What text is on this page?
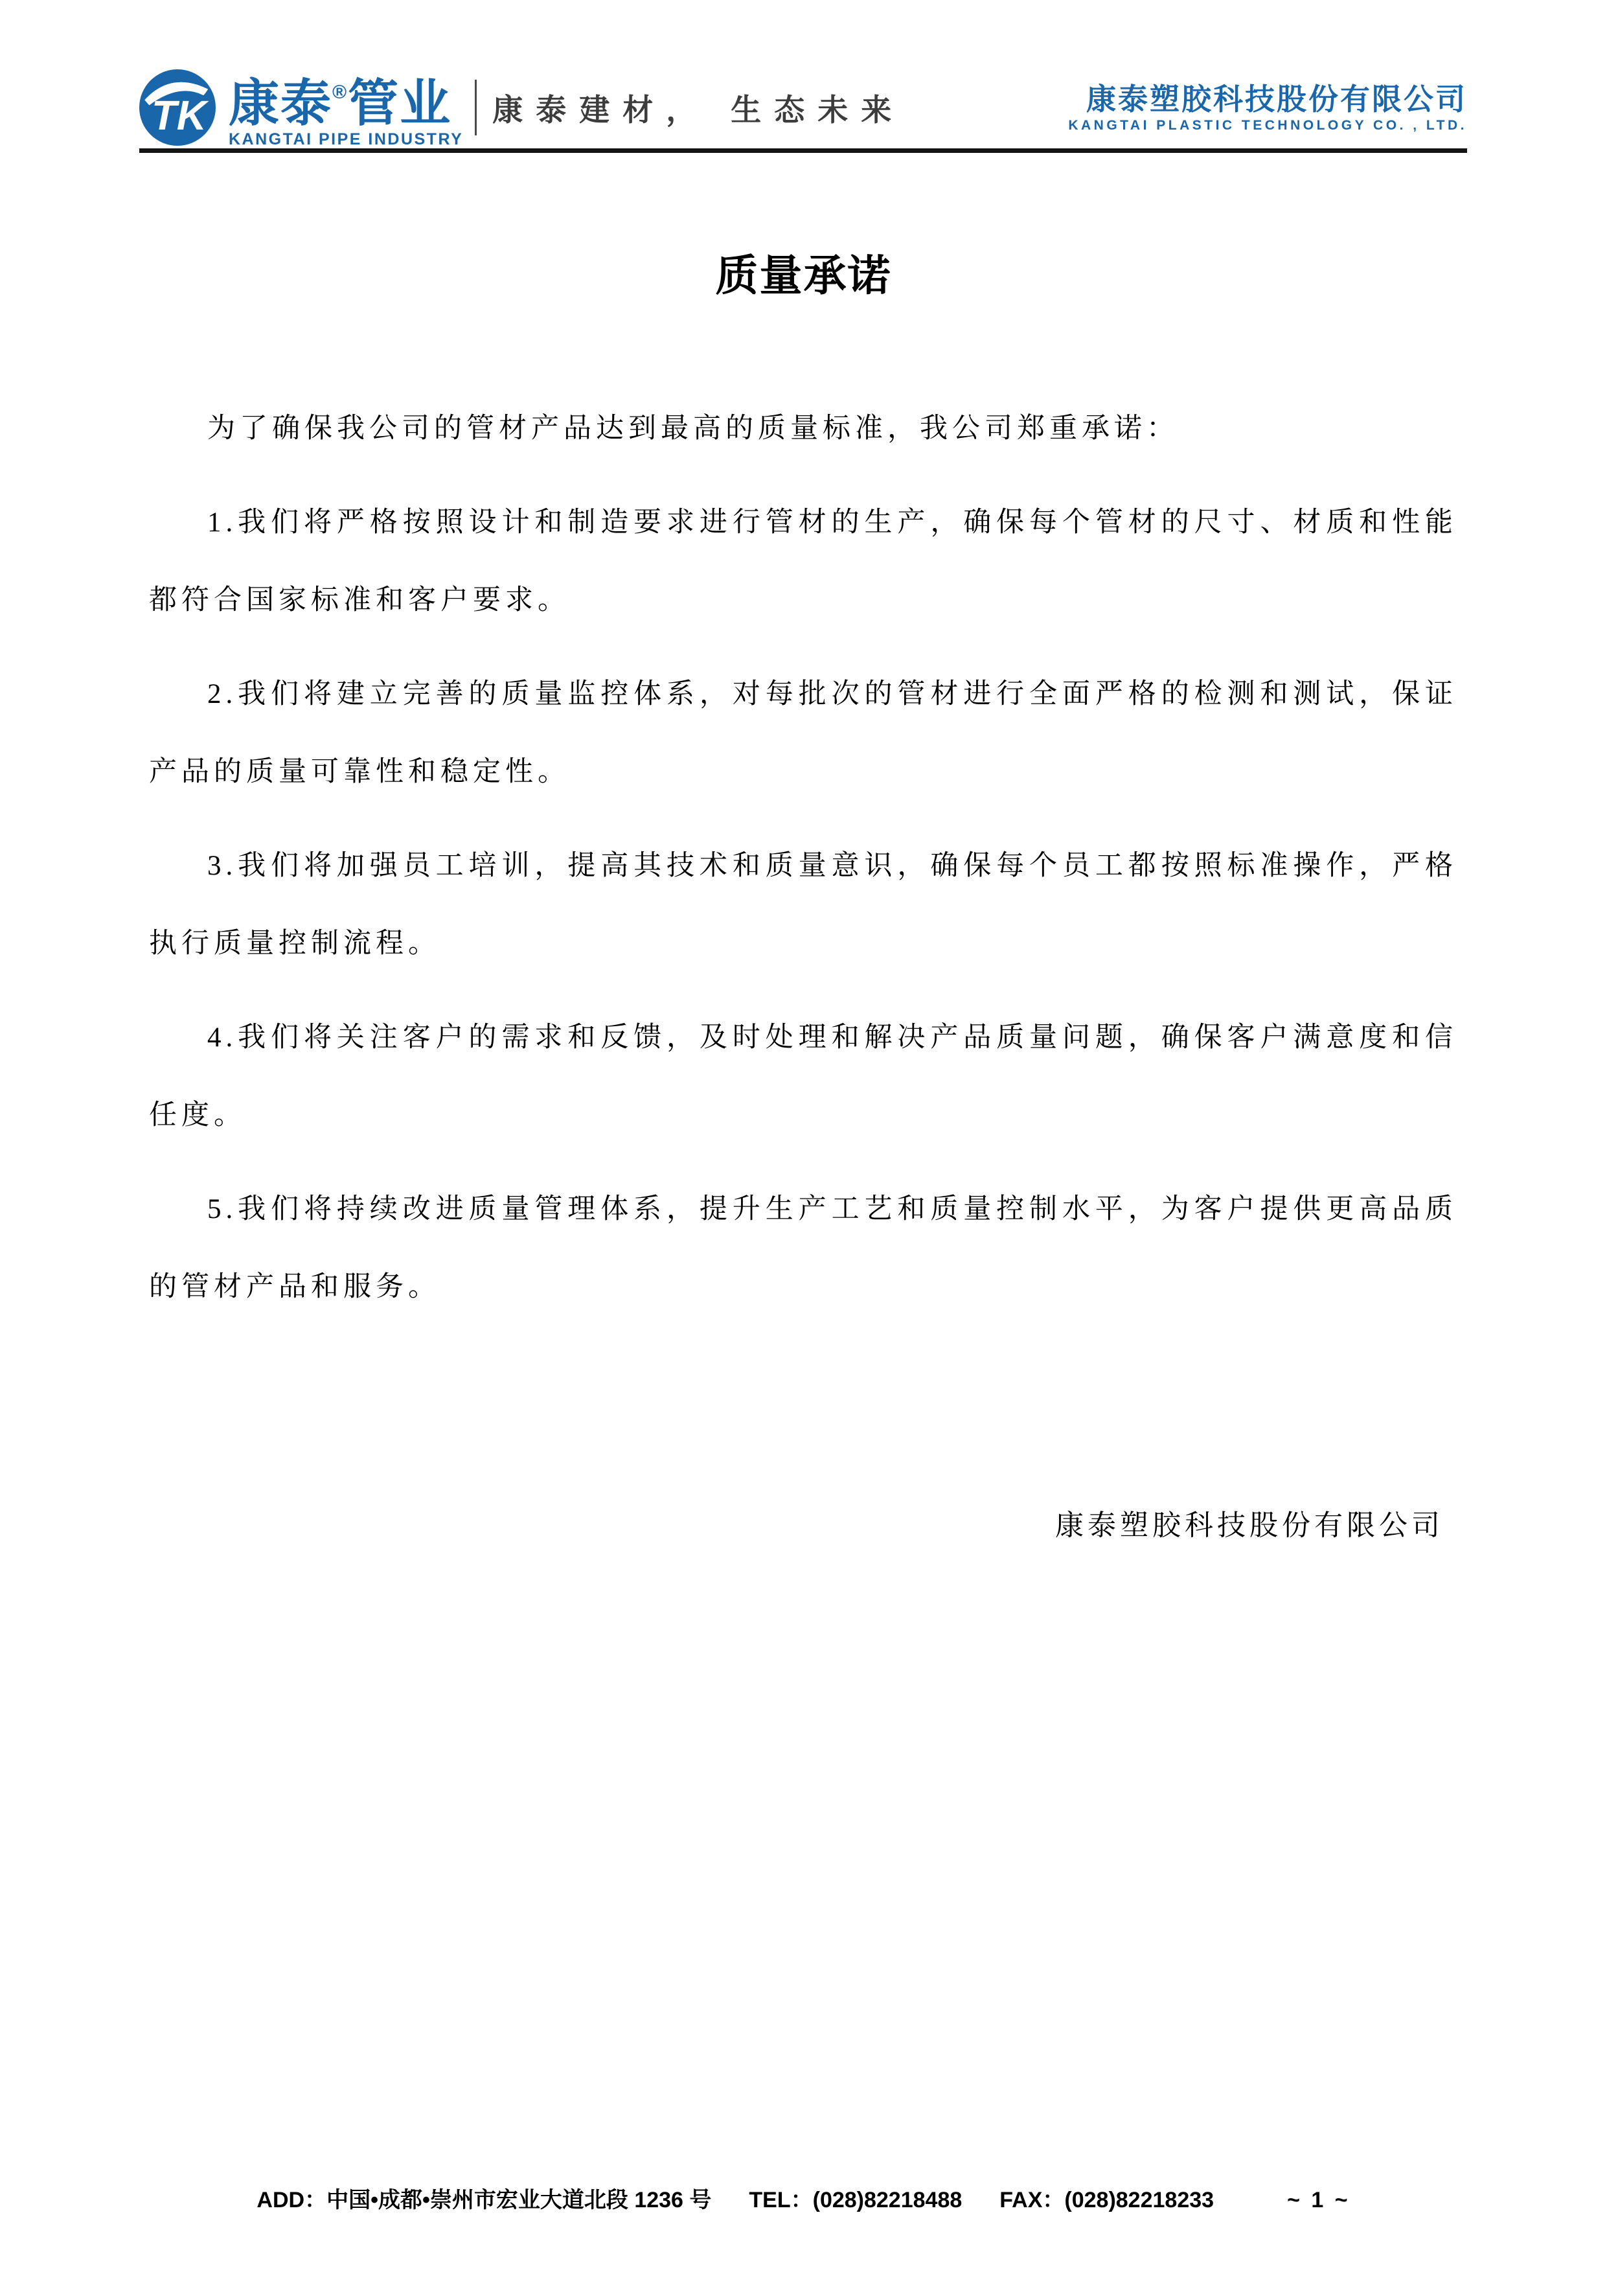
TK 康泰®管业
KANGTAI PIPE INDUSTRY
康泰建材， 生态未来	康泰塑胶科技股份有限公司
KANGTAI PLASTIC TECHNOLOGY CO. , LTD.
质量承诺

为了确保我公司的管材产品达到最高的质量标准，我公司郑重承诺：

1.我们将严格按照设计和制造要求进行管材的生产，确保每个管材的尺寸、材质和性能都符合国家标准和客户要求。

2.我们将建立完善的质量监控体系，对每批次的管材进行全面严格的检测和测试，保证产品的质量可靠性和稳定性。

3.我们将加强员工培训，提高其技术和质量意识，确保每个员工都按照标准操作，严格执行质量控制流程。

4.我们将关注客户的需求和反馈，及时处理和解决产品质量问题，确保客户满意度和信任度。

5.我们将持续改进质量管理体系，提升生产工艺和质量控制水平，为客户提供更高品质的管材产品和服务。

康泰塑胶科技股份有限公司
ADD：中国•成都•崇州市宏业大道北段 1236 号 TEL：(028)82218488 FAX：(028)82218233	~ 1 ~
